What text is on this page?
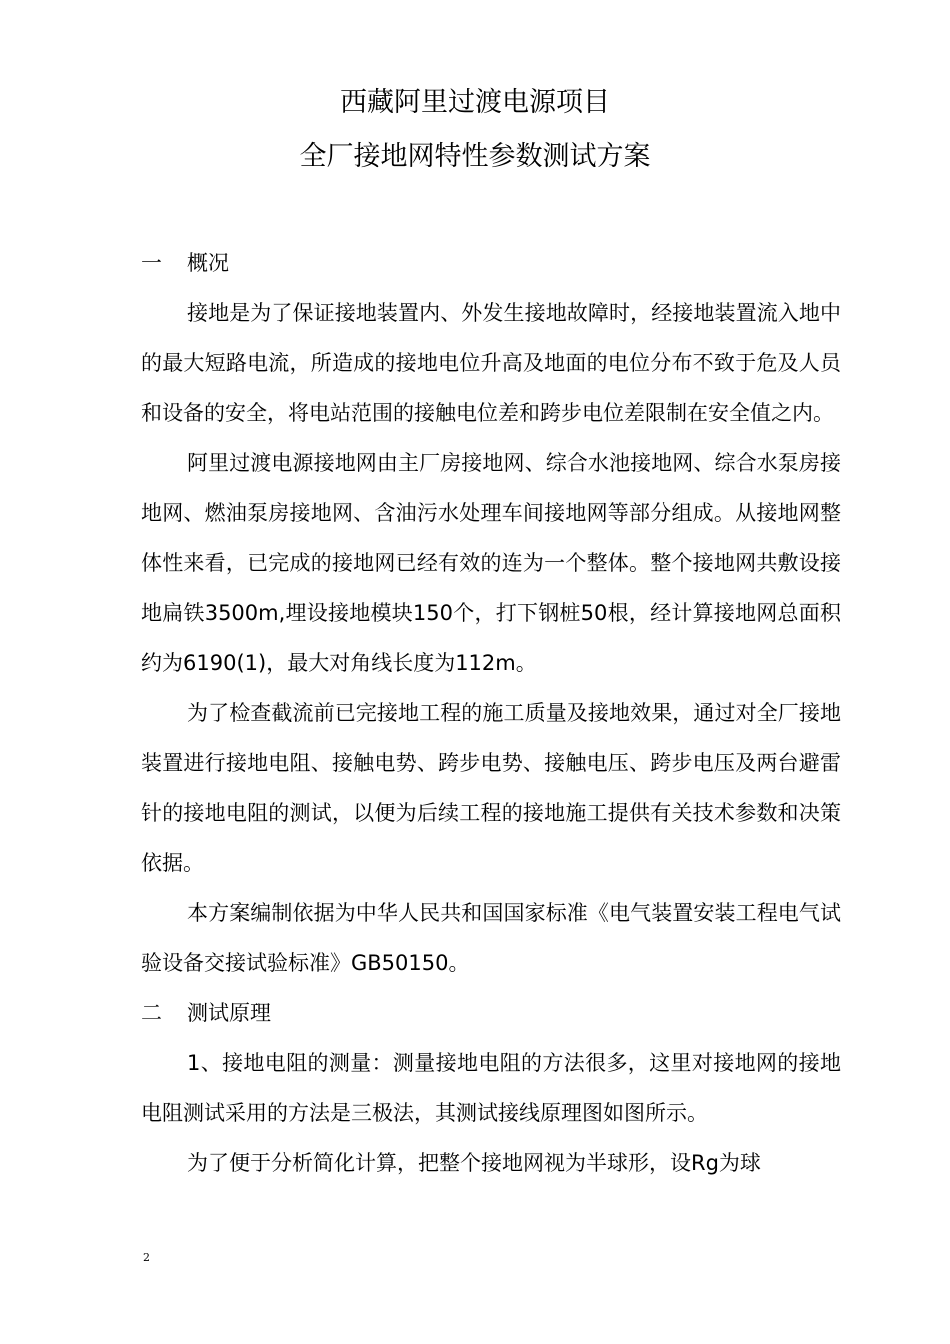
西藏阿里过渡电源项目
全厂接地网特性参数测试方案

一 概况

接地是为了保证接地装置内、外发生接地故障时，经接地装置流入地中的最大短路电流，所造成的接地电位升高及地面的电位分布不致于危及人员和设备的安全，将电站范围的接触电位差和跨步电位差限制在安全值之内。

阿里过渡电源接地网由主厂房接地网、综合水池接地网、综合水泵房接地网、燃油泵房接地网、含油污水处理车间接地网等部分组成。从接地网整体性来看，已完成的接地网已经有效的连为一个整体。整个接地网共敷设接地扁铁3500m,埋设接地模块150个，打下钢桩50根，经计算接地网总面积约为6190(1)，最大对角线长度为112m。

为了检查截流前已完接地工程的施工质量及接地效果，通过对全厂接地装置进行接地电阻、接触电势、跨步电势、接触电压、跨步电压及两台避雷针的接地电阻的测试，以便为后续工程的接地施工提供有关技术参数和决策依据。

本方案编制依据为中华人民共和国国家标准《电气装置安装工程电气试验设备交接试验标准》GB50150。

二 测试原理

1、接地电阻的测量：测量接地电阻的方法很多，这里对接地网的接地电阻测试采用的方法是三极法，其测试接线原理图如图所示。

为了便于分析简化计算，把整个接地网视为半球形，设Rg为球

2
